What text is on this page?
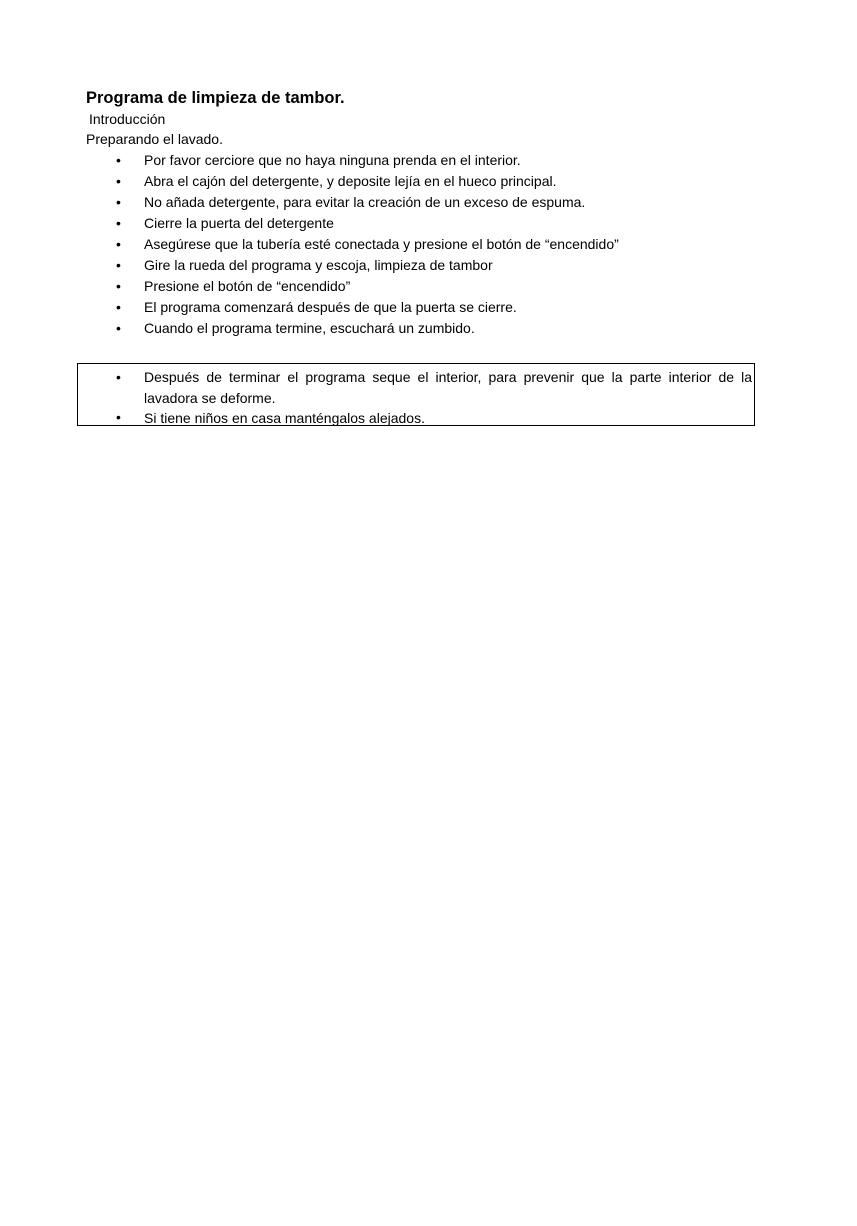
Programa de limpieza de tambor.
Introducción
Preparando el lavado.
• Por favor cerciore que no haya ninguna prenda en el interior.
• Abra el cajón del detergente, y deposite lejía en el hueco principal.
• No añada detergente, para evitar la creación de un exceso de espuma.
• Cierre la puerta del detergente
• Asegúrese que la tubería esté conectada y presione el botón de “encendido”
• Gire la rueda del programa y escoja, limpieza de tambor
• Presione el botón de “encendido”
• El programa comenzará después de que la puerta se cierre.
• Cuando el programa termine, escuchará un zumbido.
• Después de terminar el programa seque el interior, para prevenir que la parte interior de la lavadora se deforme.
• Si tiene niños en casa manténgalos alejados.
